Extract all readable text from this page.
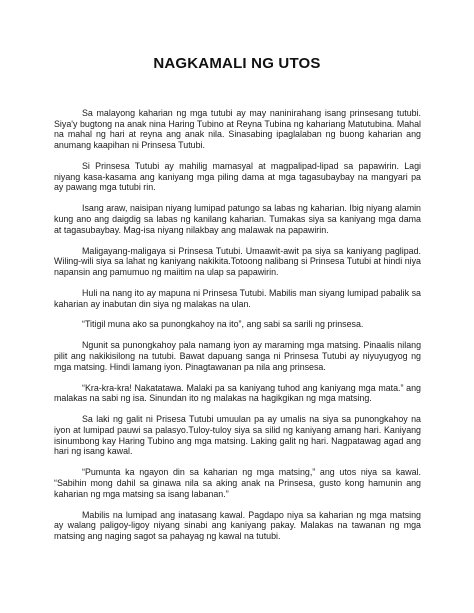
NAGKAMALI NG UTOS

Sa malayong kaharian ng mga tutubi ay may naninirahang isang prinsesang tutubi. Siya'y bugtong na anak nina Haring Tubino at Reyna Tubina ng kahariang Matutubina. Mahal na mahal ng hari at reyna ang anak nila. Sinasabing ipaglalaban ng buong kaharian ang anumang kaapihan ni Prinsesa Tutubi.

Si Prinsesa Tutubi ay mahilig mamasyal at magpalipad-lipad sa papawirin. Lagi niyang kasa-kasama ang kaniyang mga piling dama at mga tagasubaybay na mangyari pa ay pawang mga tutubi rin.

Isang araw, naisipan niyang lumipad patungo sa labas ng kaharian. Ibig niyang alamin kung ano ang daigdig sa labas ng kanilang kaharian. Tumakas siya sa kaniyang mga dama at tagasubaybay. Mag-isa niyang nilakbay ang malawak na papawirin.

Maligayang-maligaya si Prinsesa Tutubi. Umaawit-awit pa siya sa kaniyang paglipad. Wiling-wili siya sa lahat ng kaniyang nakikita.Totoong nalibang si Prinsesa Tutubi at hindi niya napansin ang pamumuo ng maiitim na ulap sa papawirin.

Huli na nang ito ay mapuna ni Prinsesa Tutubi. Mabilis man siyang lumipad pabalik sa kaharian ay inabutan din siya ng malakas na ulan.

“Titigil muna ako sa punongkahoy na ito”, ang sabi sa sarili ng prinsesa.

Ngunit sa punongkahoy pala namang iyon ay maraming mga matsing. Pinaalis nilang pilit ang nakikisilong na tutubi. Bawat dapuang sanga ni Prinsesa Tutubi ay niyuyugyog ng mga matsing. Hindi lamang iyon. Pinagtawanan pa nila ang prinsesa.

“Kra-kra-kra! Nakatatawa. Malaki pa sa kaniyang tuhod ang kaniyang mga mata.” ang malakas na sabi ng isa. Sinundan ito ng malakas na hagikgikan ng mga matsing.

Sa laki ng galit ni Prisesa Tutubi umuulan pa ay umalis na siya sa punongkahoy na iyon at lumipad pauwi sa palasyo.Tuloy-tuloy siya sa silid ng kaniyang amang hari. Kaniyang isinumbong kay Haring Tubino ang mga matsing. Laking galit ng hari. Nagpatawag agad ang hari ng isang kawal.

“Pumunta ka ngayon din sa kaharian ng mga matsing,” ang utos niya sa kawal. “Sabihin mong dahil sa ginawa nila sa aking anak na Prinsesa, gusto kong hamunin ang kaharian ng mga matsing sa isang labanan.”

Mabilis na lumipad ang inatasang kawal. Pagdapo niya sa kaharian ng mga matsing ay walang paligoy-ligoy niyang sinabi ang kaniyang pakay. Malakas na tawanan ng mga matsing ang naging sagot sa pahayag ng kawal na tutubi.
